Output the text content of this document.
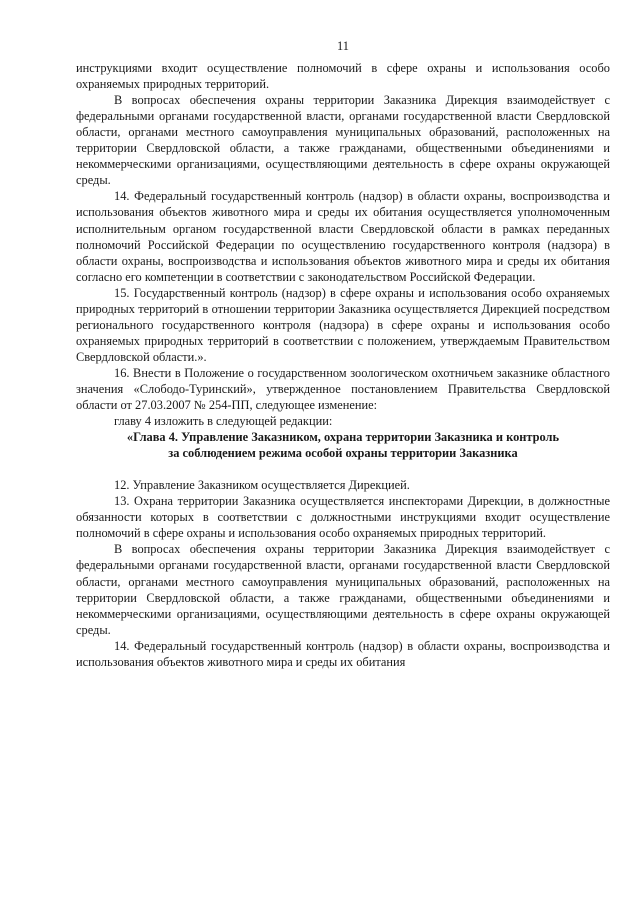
11

инструкциями входит осуществление полномочий в сфере охраны и использования особо охраняемых природных территорий.

В вопросах обеспечения охраны территории Заказника Дирекция взаимодействует с федеральными органами государственной власти, органами государственной власти Свердловской области, органами местного самоуправления муниципальных образований, расположенных на территории Свердловской области, а также гражданами, общественными объединениями и некоммерческими организациями, осуществляющими деятельность в сфере охраны окружающей среды.

14. Федеральный государственный контроль (надзор) в области охраны, воспроизводства и использования объектов животного мира и среды их обитания осуществляется уполномоченным исполнительным органом государственной власти Свердловской области в рамках переданных полномочий Российской Федерации по осуществлению государственного контроля (надзора) в области охраны, воспроизводства и использования объектов животного мира и среды их обитания согласно его компетенции в соответствии с законодательством Российской Федерации.

15. Государственный контроль (надзор) в сфере охраны и использования особо охраняемых природных территорий в отношении территории Заказника осуществляется Дирекцией посредством регионального государственного контроля (надзора) в сфере охраны и использования особо охраняемых природных территорий в соответствии с положением, утверждаемым Правительством Свердловской области.».

16. Внести в Положение о государственном зоологическом охотничьем заказнике областного значения «Слободо-Туринский», утвержденное постановлением Правительства Свердловской области от 27.03.2007 № 254-ПП, следующее изменение:

главу 4 изложить в следующей редакции:

«Глава 4. Управление Заказником, охрана территории Заказника и контроль
за соблюдением режима особой охраны территории Заказника

12. Управление Заказником осуществляется Дирекцией.

13. Охрана территории Заказника осуществляется инспекторами Дирекции, в должностные обязанности которых в соответствии с должностными инструкциями входит осуществление полномочий в сфере охраны и использования особо охраняемых природных территорий.

В вопросах обеспечения охраны территории Заказника Дирекция взаимодействует с федеральными органами государственной власти, органами государственной власти Свердловской области, органами местного самоуправления муниципальных образований, расположенных на территории Свердловской области, а также гражданами, общественными объединениями и некоммерческими организациями, осуществляющими деятельность в сфере охраны окружающей среды.

14. Федеральный государственный контроль (надзор) в области охраны, воспроизводства и использования объектов животного мира и среды их обитания
